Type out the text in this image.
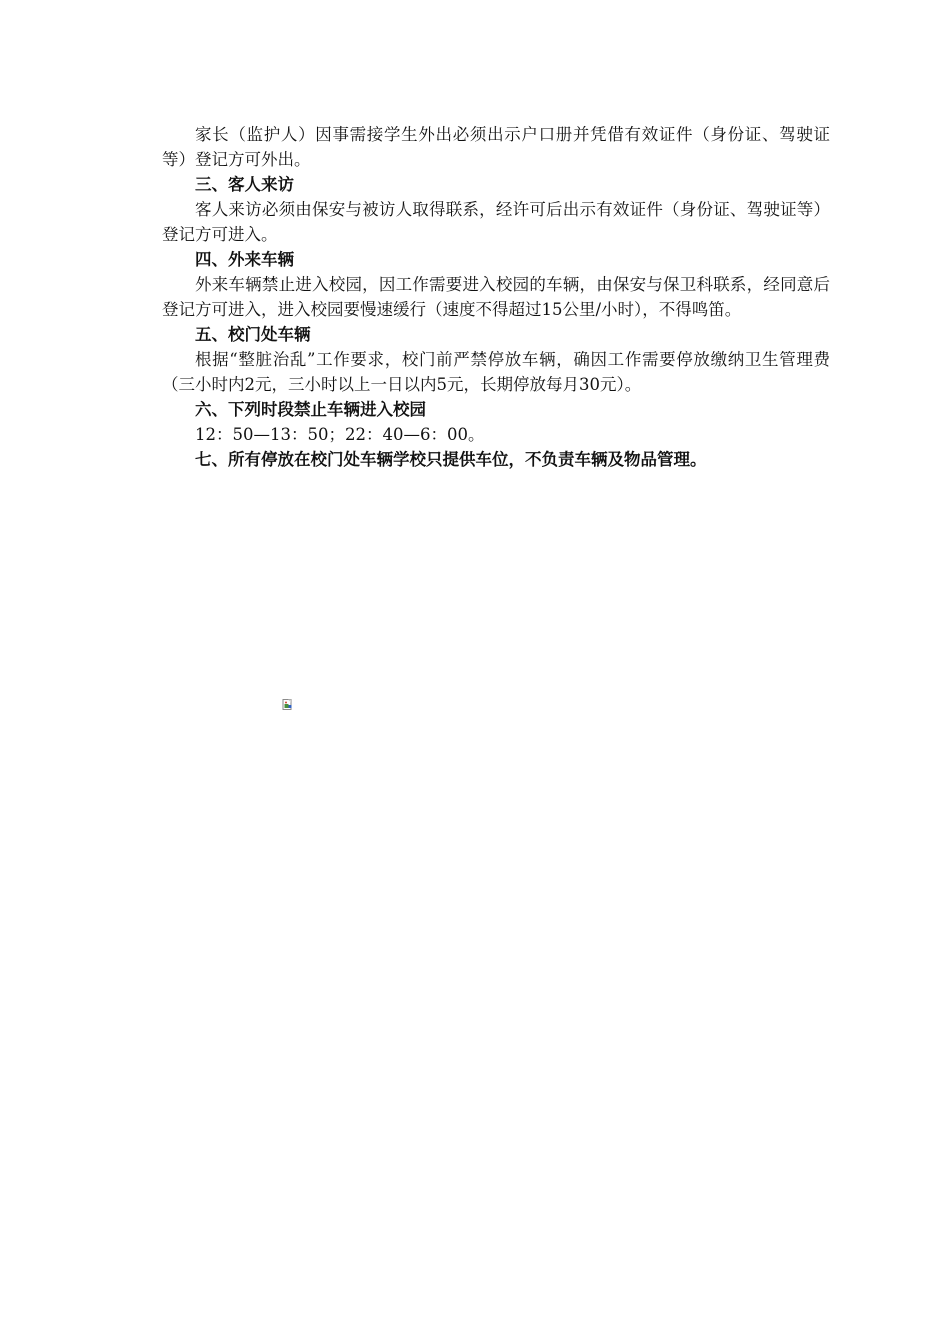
家长（监护人）因事需接学生外出必须出示户口册并凭借有效证件（身份证、驾驶证等）登记方可外出。

三、客人来访

客人来访必须由保安与被访人取得联系，经许可后出示有效证件（身份证、驾驶证等）登记方可进入。

四、外来车辆

外来车辆禁止进入校园，因工作需要进入校园的车辆，由保安与保卫科联系，经同意后登记方可进入，进入校园要慢速缓行（速度不得超过15公里/小时），不得鸣笛。

五、校门处车辆

根据“整脏治乱”工作要求，校门前严禁停放车辆，确因工作需要停放缴纳卫生管理费（三小时内2元，三小时以上一日以内5元，长期停放每月30元）。

六、下列时段禁止车辆进入校园

12：50—13：50；22：40—6：00。

七、所有停放在校门处车辆学校只提供车位，不负责车辆及物品管理。
